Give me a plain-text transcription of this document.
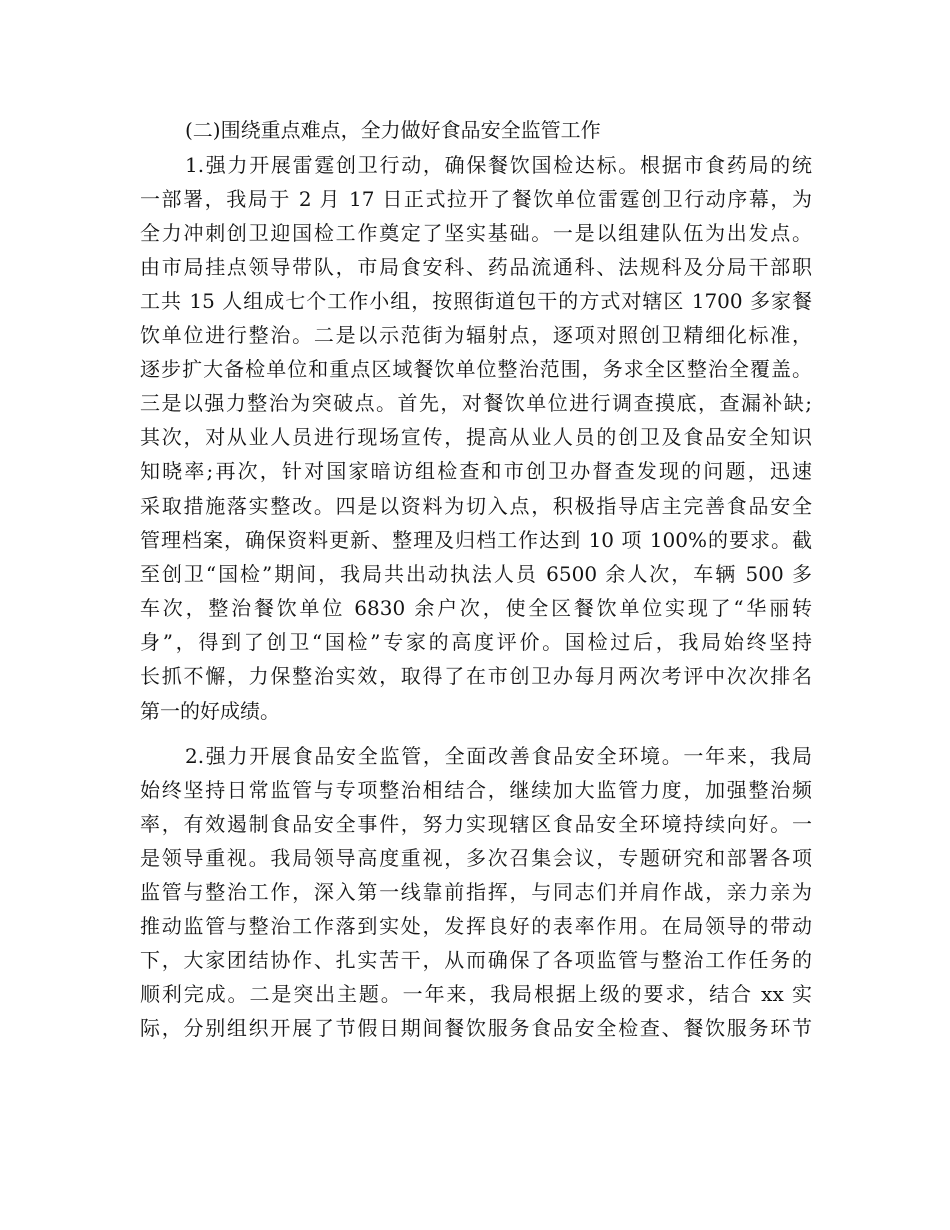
(二)围绕重点难点，全力做好食品安全监管工作
1.强力开展雷霆创卫行动，确保餐饮国检达标。根据市食药局的统
一部署，我局于 2 月 17 日正式拉开了餐饮单位雷霆创卫行动序幕，为
全力冲刺创卫迎国检工作奠定了坚实基础。一是以组建队伍为出发点。
由市局挂点领导带队，市局食安科、药品流通科、法规科及分局干部职
工共 15 人组成七个工作小组，按照街道包干的方式对辖区 1700 多家餐
饮单位进行整治。二是以示范街为辐射点，逐项对照创卫精细化标准，
逐步扩大备检单位和重点区域餐饮单位整治范围，务求全区整治全覆盖。
三是以强力整治为突破点。首先，对餐饮单位进行调查摸底，查漏补缺;
其次，对从业人员进行现场宣传，提高从业人员的创卫及食品安全知识
知晓率;再次，针对国家暗访组检查和市创卫办督查发现的问题，迅速
采取措施落实整改。四是以资料为切入点，积极指导店主完善食品安全
管理档案，确保资料更新、整理及归档工作达到 10 项 100%的要求。截
至创卫“国检”期间，我局共出动执法人员 6500 余人次，车辆 500 多
车次，整治餐饮单位 6830 余户次，使全区餐饮单位实现了“华丽转
身”，得到了创卫“国检”专家的高度评价。国检过后，我局始终坚持
长抓不懈，力保整治实效，取得了在市创卫办每月两次考评中次次排名
第一的好成绩。
2.强力开展食品安全监管，全面改善食品安全环境。一年来，我局
始终坚持日常监管与专项整治相结合，继续加大监管力度，加强整治频
率，有效遏制食品安全事件，努力实现辖区食品安全环境持续向好。一
是领导重视。我局领导高度重视，多次召集会议，专题研究和部署各项
监管与整治工作，深入第一线靠前指挥，与同志们并肩作战，亲力亲为
推动监管与整治工作落到实处，发挥良好的表率作用。在局领导的带动
下，大家团结协作、扎实苦干，从而确保了各项监管与整治工作任务的
顺利完成。二是突出主题。一年来，我局根据上级的要求，结合 xx 实
际，分别组织开展了节假日期间餐饮服务食品安全检查、餐饮服务环节
